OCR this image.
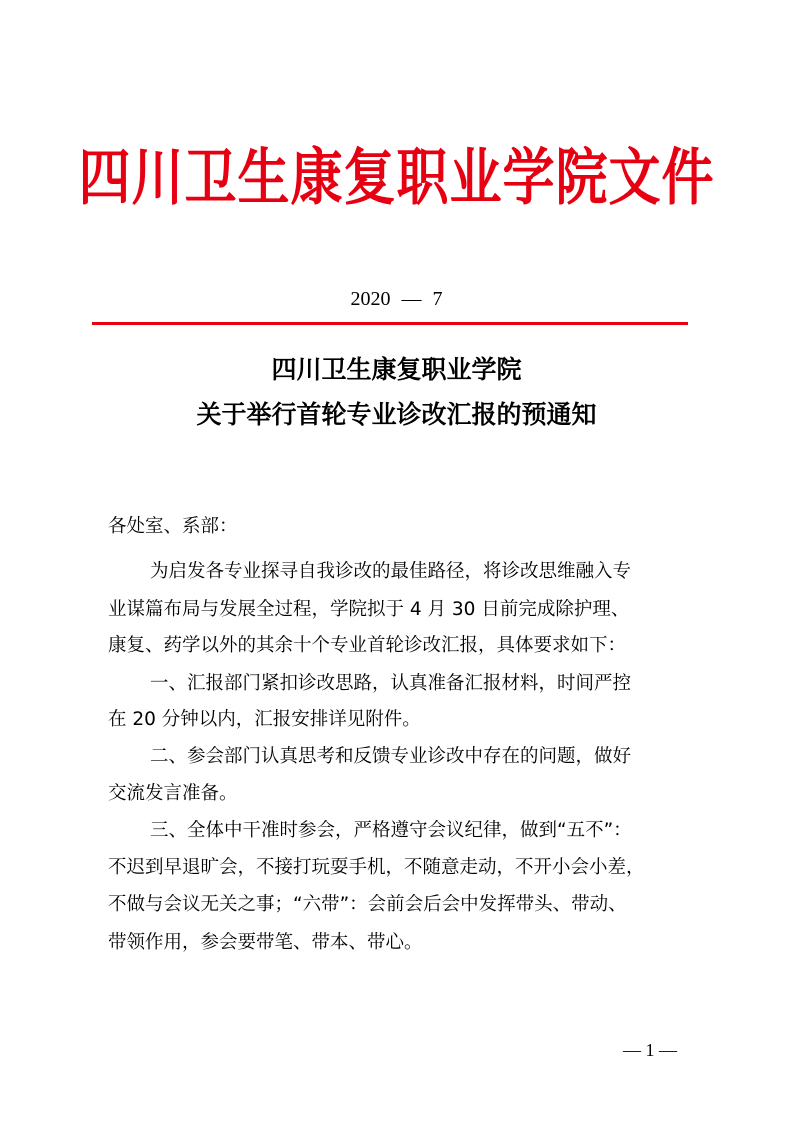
四川卫生康复职业学院文件
2020 — 7
四川卫生康复职业学院
关于举行首轮专业诊改汇报的预通知
各处室、系部：
为启发各专业探寻自我诊改的最佳路径，将诊改思维融入专
业谋篇布局与发展全过程，学院拟于 4 月 30 日前完成除护理、
康复、药学以外的其余十个专业首轮诊改汇报，具体要求如下：
一、汇报部门紧扣诊改思路，认真准备汇报材料，时间严控
在 20 分钟以内，汇报安排详见附件。
二、参会部门认真思考和反馈专业诊改中存在的问题，做好
交流发言准备。
三、全体中干准时参会，严格遵守会议纪律，做到“五不”：
不迟到早退旷会，不接打玩耍手机，不随意走动，不开小会小差，
不做与会议无关之事；“六带”：会前会后会中发挥带头、带动、
带领作用，参会要带笔、带本、带心。
— 1 —
